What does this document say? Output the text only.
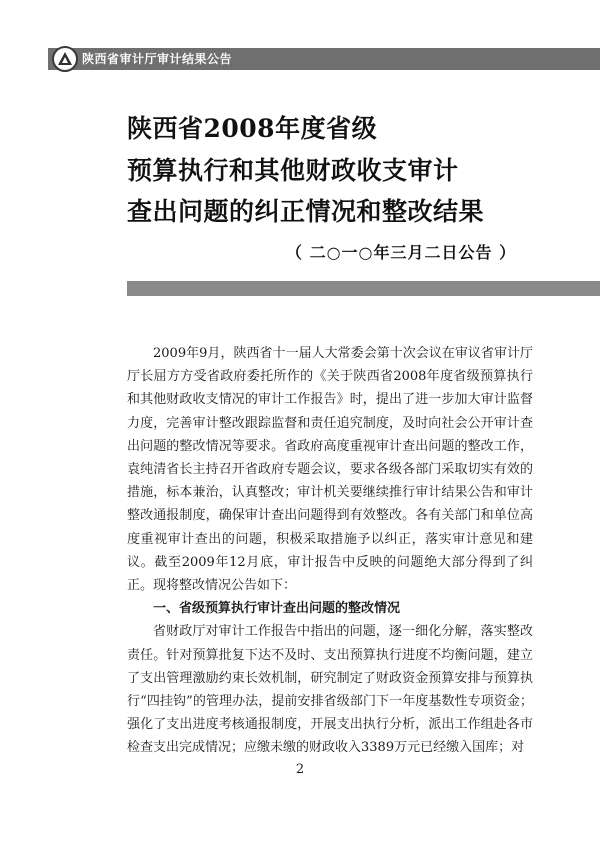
陕西省审计厅审计结果公告
陕西省2008年度省级
预算执行和其他财政收支审计
查出问题的纠正情况和整改结果
（ 二○一○年三月二日公告 ）

2009年9月，陕西省十一届人大常委会第十次会议在审议省审计厅厅长屈方方受省政府委托所作的《关于陕西省2008年度省级预算执行和其他财政收支情况的审计工作报告》时，提出了进一步加大审计监督力度，完善审计整改跟踪监督和责任追究制度，及时向社会公开审计查出问题的整改情况等要求。省政府高度重视审计查出问题的整改工作，袁纯清省长主持召开省政府专题会议，要求各级各部门采取切实有效的措施，标本兼治，认真整改；审计机关要继续推行审计结果公告和审计整改通报制度，确保审计查出问题得到有效整改。各有关部门和单位高度重视审计查出的问题，积极采取措施予以纠正，落实审计意见和建议。截至2009年12月底，审计报告中反映的问题绝大部分得到了纠正。现将整改情况公告如下：

一、省级预算执行审计查出问题的整改情况

省财政厅对审计工作报告中指出的问题，逐一细化分解，落实整改责任。针对预算批复下达不及时、支出预算执行进度不均衡问题，建立了支出管理激励约束长效机制，研究制定了财政资金预算安排与预算执行“四挂钩”的管理办法，提前安排省级部门下一年度基数性专项资金；强化了支出进度考核通报制度，开展支出执行分析，派出工作组赴各市检查支出完成情况；应缴未缴的财政收入3389万元已经缴入国库；对

2
